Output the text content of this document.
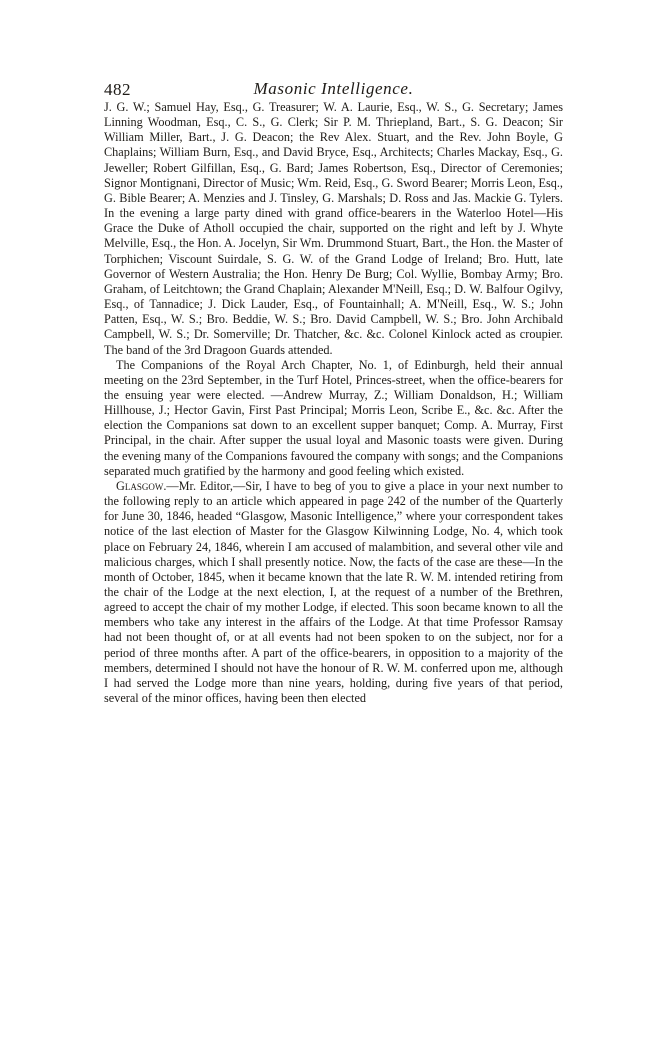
482	Masonic Intelligence.

J. G. W.; Samuel Hay, Esq., G. Treasurer; W. A. Laurie, Esq., W. S., G. Secretary; James Linning Woodman, Esq., C. S., G. Clerk; Sir P. M. Thriepland, Bart., S. G. Deacon; Sir William Miller, Bart., J. G. Deacon; the Rev Alex. Stuart, and the Rev. John Boyle, G Chaplains; William Burn, Esq., and David Bryce, Esq., Architects; Charles Mackay, Esq., G. Jeweller; Robert Gilfillan, Esq., G. Bard; James Robertson, Esq., Director of Ceremonies; Signor Montignani, Director of Music; Wm. Reid, Esq., G. Sword Bearer; Morris Leon, Esq., G. Bible Bearer; A. Menzies and J. Tinsley, G. Marshals; D. Ross and Jas. Mackie G. Tylers. In the evening a large party dined with grand office-bearers in the Waterloo Hotel—His Grace the Duke of Atholl occupied the chair, supported on the right and left by J. Whyte Melville, Esq., the Hon. A. Jocelyn, Sir Wm. Drummond Stuart, Bart., the Hon. the Master of Torphichen; Viscount Suirdale, S. G. W. of the Grand Lodge of Ireland; Bro. Hutt, late Governor of Western Australia; the Hon. Henry De Burg; Col. Wyllie, Bombay Army; Bro. Graham, of Leitchtown; the Grand Chaplain; Alexander M'Neill, Esq.; D. W. Balfour Ogilvy, Esq., of Tannadice; J. Dick Lauder, Esq., of Fountainhall; A. M'Neill, Esq., W. S.; John Patten, Esq., W. S.; Bro. Beddie, W. S.; Bro. David Campbell, W. S.; Bro. John Archibald Campbell, W. S.; Dr. Somerville; Dr. Thatcher, &c. &c. Colonel Kinlock acted as croupier. The band of the 3rd Dragoon Guards attended.

The Companions of the Royal Arch Chapter, No. 1, of Edinburgh, held their annual meeting on the 23rd September, in the Turf Hotel, Princes-street, when the office-bearers for the ensuing year were elected. —Andrew Murray, Z.; William Donaldson, H.; William Hillhouse, J.; Hector Gavin, First Past Principal; Morris Leon, Scribe E., &c. &c. After the election the Companions sat down to an excellent supper banquet; Comp. A. Murray, First Principal, in the chair. After supper the usual loyal and Masonic toasts were given. During the evening many of the Companions favoured the company with songs; and the Companions separated much gratified by the harmony and good feeling which existed.

Glasgow.—Mr. Editor,—Sir, I have to beg of you to give a place in your next number to the following reply to an article which appeared in page 242 of the number of the Quarterly for June 30, 1846, headed “Glasgow, Masonic Intelligence,” where your correspondent takes notice of the last election of Master for the Glasgow Kilwinning Lodge, No. 4, which took place on February 24, 1846, wherein I am accused of malambition, and several other vile and malicious charges, which I shall presently notice. Now, the facts of the case are these—In the month of October, 1845, when it became known that the late R. W. M. intended retiring from the chair of the Lodge at the next election, I, at the request of a number of the Brethren, agreed to accept the chair of my mother Lodge, if elected. This soon became known to all the members who take any interest in the affairs of the Lodge. At that time Professor Ramsay had not been thought of, or at all events had not been spoken to on the subject, nor for a period of three months after. A part of the office-bearers, in opposition to a majority of the members, determined I should not have the honour of R. W. M. conferred upon me, although I had served the Lodge more than nine years, holding, during five years of that period, several of the minor offices, having been then elected
